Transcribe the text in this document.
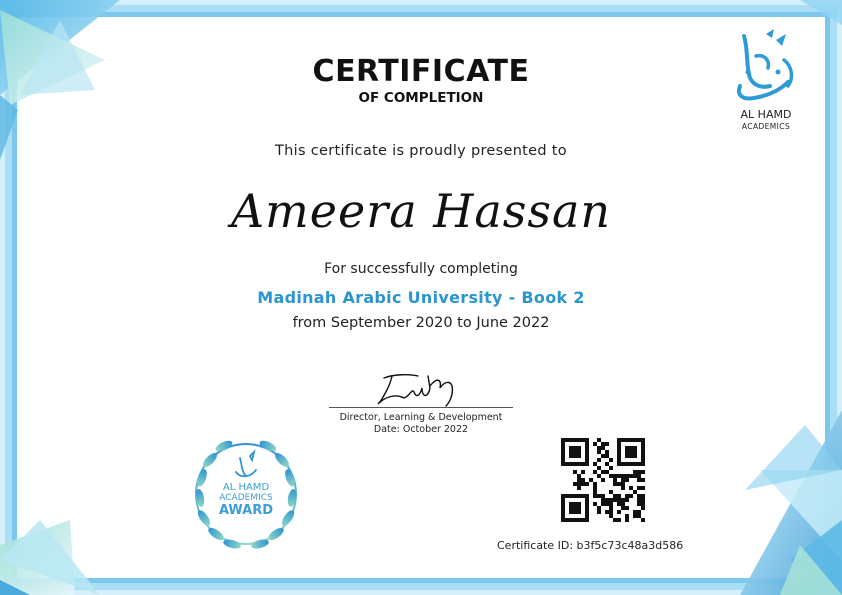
AL HAMD
ACADEMICS
CERTIFICATE
OF COMPLETION
This certificate is proudly presented to
Ameera Hassan
For successfully completing
Madinah Arabic University - Book 2
from September 2020 to June 2022
Director, Learning & Development
Date: October 2022
AL HAMD
ACADEMICS
AWARD
Certificate ID: b3f5c73c48a3d586
